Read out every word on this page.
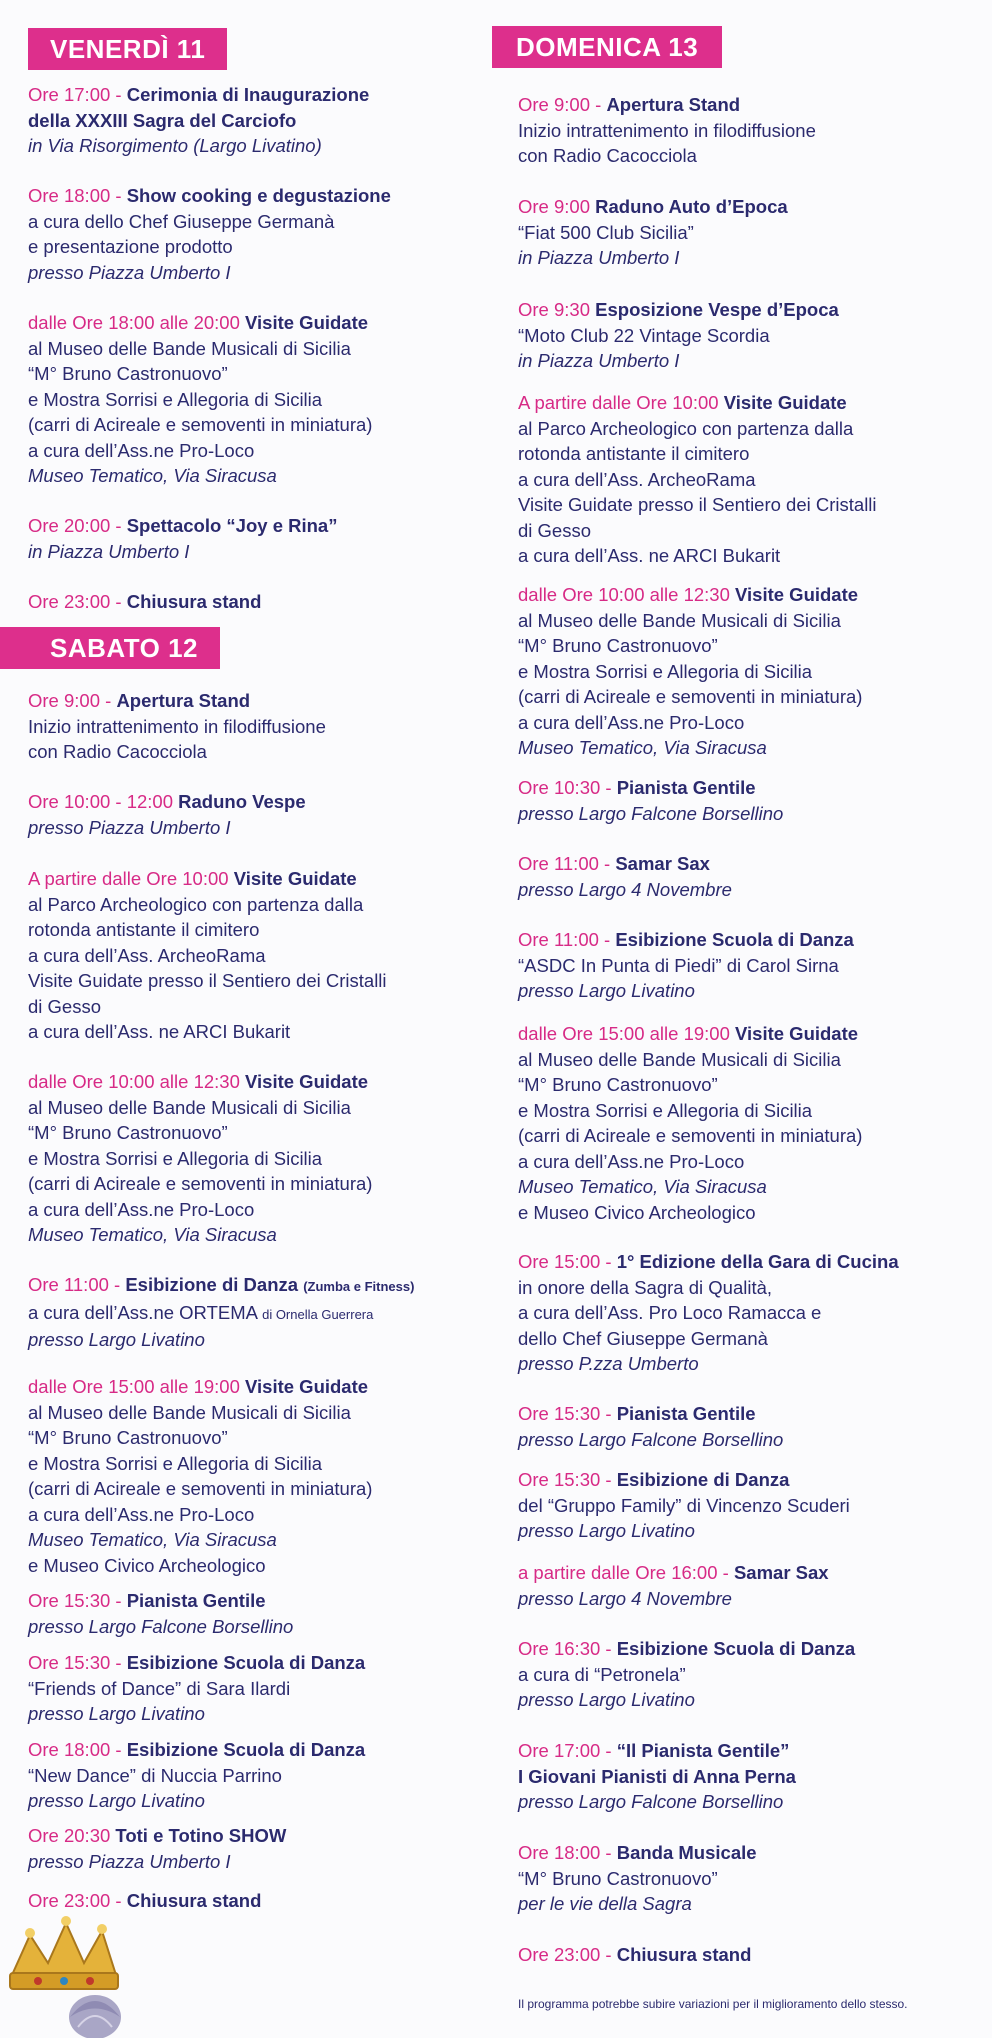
VENERDÌ 11
Ore 17:00 - Cerimonia di Inaugurazione
della XXXIII Sagra del Carciofo
in Via Risorgimento (Largo Livatino)
Ore 18:00 - Show cooking e degustazione
a cura dello Chef Giuseppe Germanà
e presentazione prodotto
presso Piazza Umberto I
dalle Ore 18:00 alle 20:00 Visite Guidate
al Museo delle Bande Musicali di Sicilia
“M° Bruno Castronuovo”
e Mostra Sorrisi e Allegoria di Sicilia
(carri di Acireale e semoventi in miniatura)
a cura dell’Ass.ne Pro-Loco
Museo Tematico, Via Siracusa
Ore 20:00 - Spettacolo “Joy e Rina”
in Piazza Umberto I
Ore 23:00 - Chiusura stand
SABATO 12
Ore 9:00 - Apertura Stand
Inizio intrattenimento in filodiffusione
con Radio Cacocciola
Ore 10:00 - 12:00 Raduno Vespe
presso Piazza Umberto I
A partire dalle Ore 10:00 Visite Guidate
al Parco Archeologico con partenza dalla
rotonda antistante il cimitero
a cura dell’Ass. ArcheoRama
Visite Guidate presso il Sentiero dei Cristalli
di Gesso
a cura dell’Ass. ne ARCI Bukarit
dalle Ore 10:00 alle 12:30 Visite Guidate
al Museo delle Bande Musicali di Sicilia
“M° Bruno Castronuovo”
e Mostra Sorrisi e Allegoria di Sicilia
(carri di Acireale e semoventi in miniatura)
a cura dell’Ass.ne Pro-Loco
Museo Tematico, Via Siracusa
Ore 11:00 - Esibizione di Danza (Zumba e Fitness)
a cura dell’Ass.ne ORTEMA di Ornella Guerrera
presso Largo Livatino
dalle Ore 15:00 alle 19:00 Visite Guidate
al Museo delle Bande Musicali di Sicilia
“M° Bruno Castronuovo”
e Mostra Sorrisi e Allegoria di Sicilia
(carri di Acireale e semoventi in miniatura)
a cura dell’Ass.ne Pro-Loco
Museo Tematico, Via Siracusa
e Museo Civico Archeologico
Ore 15:30 - Pianista Gentile
presso Largo Falcone Borsellino
Ore 15:30 - Esibizione Scuola di Danza
“Friends of Dance” di Sara Ilardi
presso Largo Livatino
Ore 18:00 - Esibizione Scuola di Danza
“New Dance” di Nuccia Parrino
presso Largo Livatino
Ore 20:30 Toti e Totino SHOW
presso Piazza Umberto I
Ore 23:00 - Chiusura stand
DOMENICA 13
Ore 9:00 - Apertura Stand
Inizio intrattenimento in filodiffusione
con Radio Cacocciola
Ore 9:00 Raduno Auto d’Epoca
“Fiat 500 Club Sicilia”
in Piazza Umberto I
Ore 9:30 Esposizione Vespe d’Epoca
“Moto Club 22 Vintage Scordia
in Piazza Umberto I
A partire dalle Ore 10:00 Visite Guidate
al Parco Archeologico con partenza dalla
rotonda antistante il cimitero
a cura dell’Ass. ArcheoRama
Visite Guidate presso il Sentiero dei Cristalli
di Gesso
a cura dell’Ass. ne ARCI Bukarit
dalle Ore 10:00 alle 12:30 Visite Guidate
al Museo delle Bande Musicali di Sicilia
“M° Bruno Castronuovo”
e Mostra Sorrisi e Allegoria di Sicilia
(carri di Acireale e semoventi in miniatura)
a cura dell’Ass.ne Pro-Loco
Museo Tematico, Via Siracusa
Ore 10:30 - Pianista Gentile
presso Largo Falcone Borsellino
Ore 11:00 - Samar Sax
presso Largo 4 Novembre
Ore 11:00 - Esibizione Scuola di Danza
“ASDC In Punta di Piedi” di Carol Sirna
presso Largo Livatino
dalle Ore 15:00 alle 19:00 Visite Guidate
al Museo delle Bande Musicali di Sicilia
“M° Bruno Castronuovo”
e Mostra Sorrisi e Allegoria di Sicilia
(carri di Acireale e semoventi in miniatura)
a cura dell’Ass.ne Pro-Loco
Museo Tematico, Via Siracusa
e Museo Civico Archeologico
Ore 15:00 - 1° Edizione della Gara di Cucina
in onore della Sagra di Qualità,
a cura dell’Ass. Pro Loco Ramacca e
dello Chef Giuseppe Germanà
presso P.zza Umberto
Ore 15:30 - Pianista Gentile
presso Largo Falcone Borsellino
Ore 15:30 - Esibizione di Danza
del “Gruppo Family” di Vincenzo Scuderi
presso Largo Livatino
a partire dalle Ore 16:00 - Samar Sax
presso Largo 4 Novembre
Ore 16:30 - Esibizione Scuola di Danza
a cura di “Petronela”
presso Largo Livatino
Ore 17:00 - “Il Pianista Gentile”
I Giovani Pianisti di Anna Perna
presso Largo Falcone Borsellino
Ore 18:00 - Banda Musicale
“M° Bruno Castronuovo”
per le vie della Sagra
Ore 23:00 - Chiusura stand
Il programma potrebbe subire variazioni per il miglioramento dello stesso.
